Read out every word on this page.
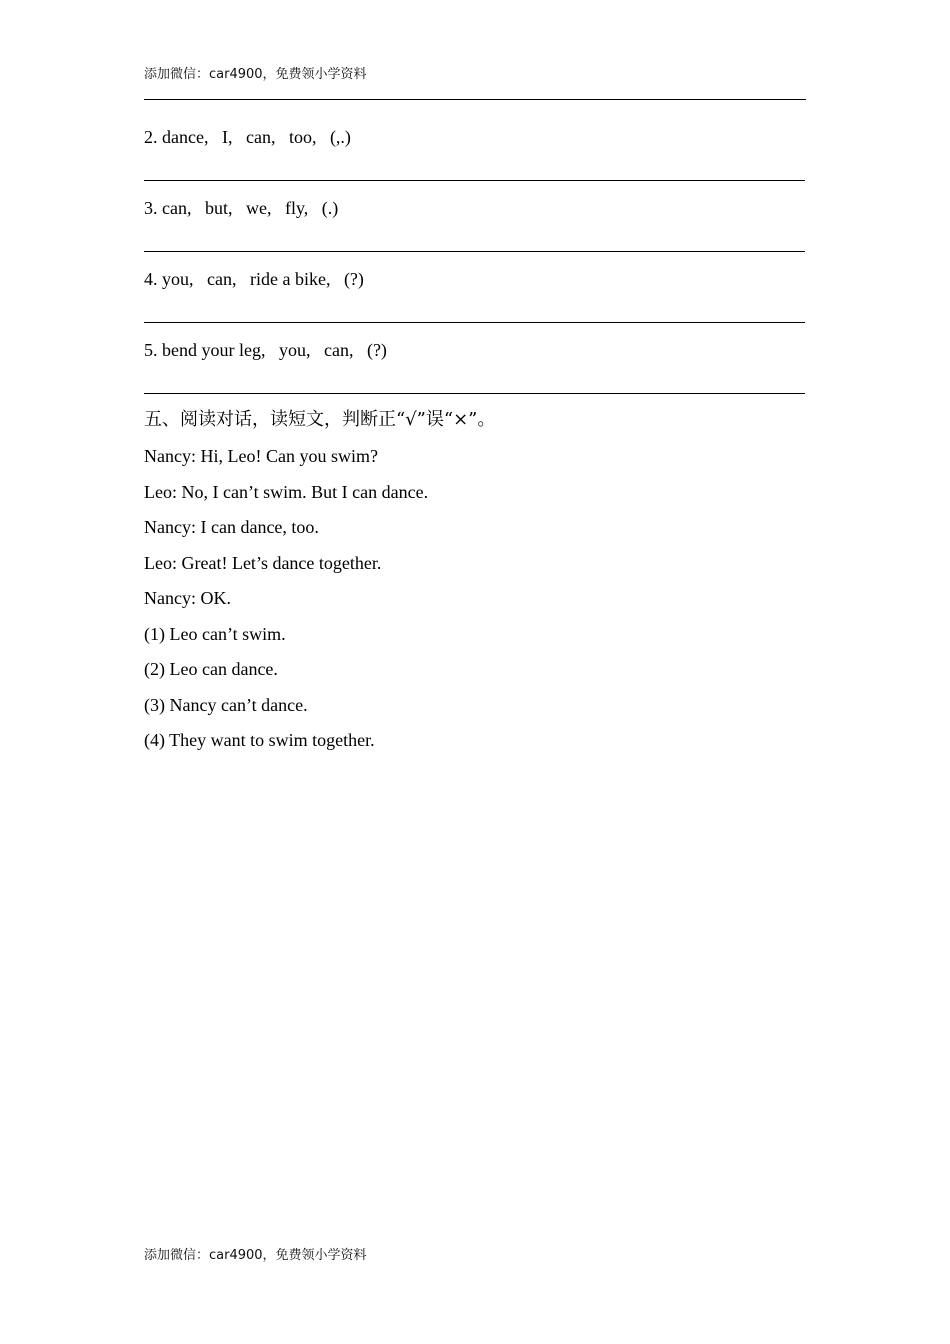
添加微信：car4900，免费领小学资料
2. dance,   I,   can,   too,   (,.)
3. can,   but,   we,   fly,   (.)
4. you,   can,   ride a bike,   (?)
5. bend your leg,   you,   can,   (?)
五、阅读对话，读短文，判断正“√”误“×”。
Nancy: Hi, Leo! Can you swim?
Leo: No, I can’t swim. But I can dance.
Nancy: I can dance, too.
Leo: Great! Let’s dance together.
Nancy: OK.
(1) Leo can’t swim.
(2) Leo can dance.
(3) Nancy can’t dance.
(4) They want to swim together.
添加微信：car4900，免费领小学资料
